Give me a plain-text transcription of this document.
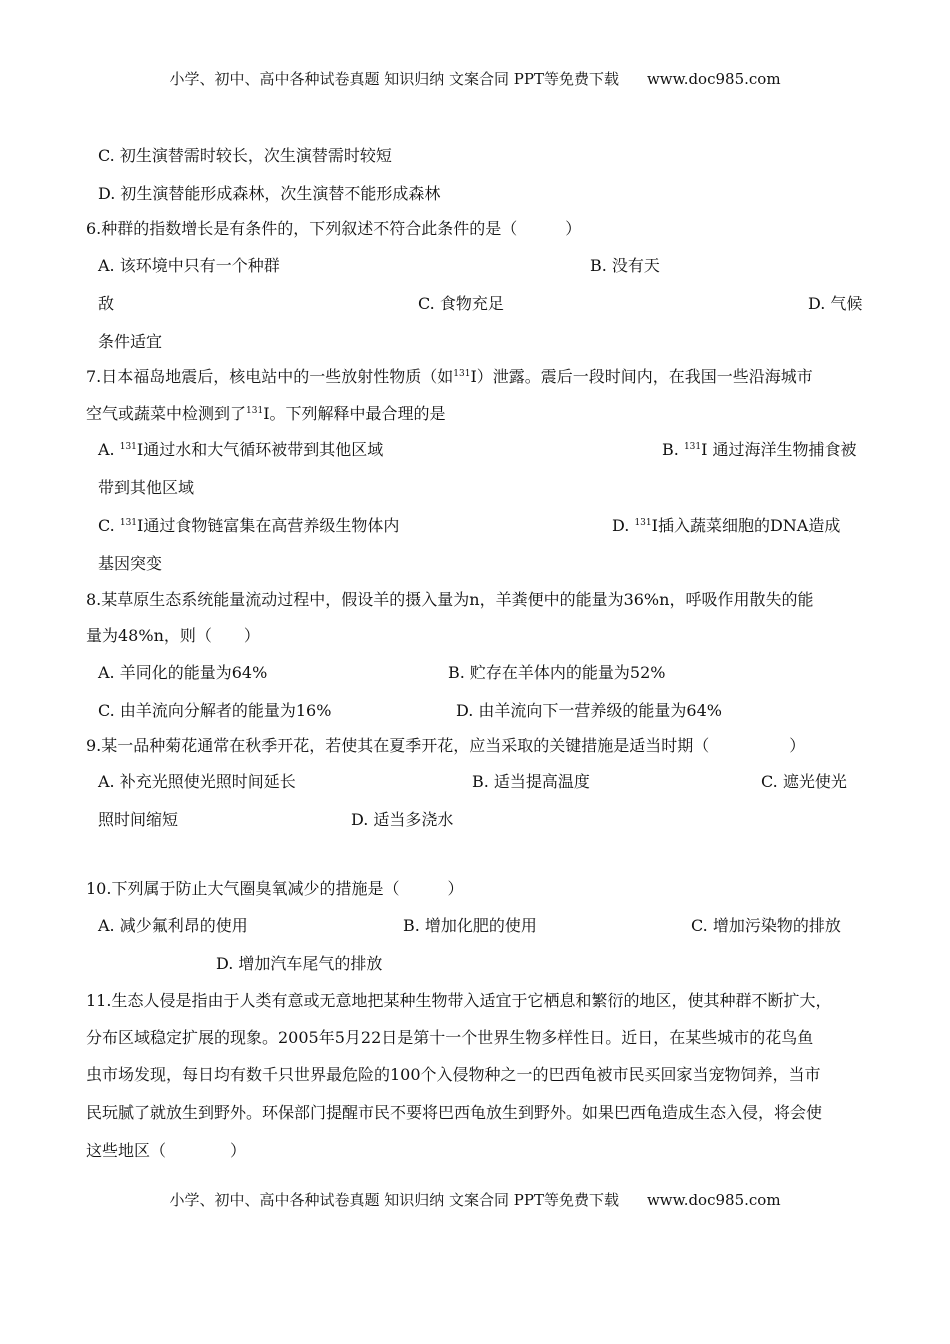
小学、初中、高中各种试卷真题 知识归纳 文案合同 PPT等免费下载 www.doc985.com
C. 初生演替需时较长，次生演替需时较短
D. 初生演替能形成森林，次生演替不能形成森林
6.种群的指数增长是有条件的，下列叙述不符合此条件的是（　　　）
A. 该环境中只有一个种群	B. 没有天
敌	C. 食物充足	D. 气候
条件适宜
7.日本福岛地震后，核电站中的一些放射性物质（如$^{131}$I）泄露。震后一段时间内，在我国一些沿海城市
空气或蔬菜中检测到了$^{131}$I。下列解释中最合理的是
A. $^{131}$I通过水和大气循环被带到其他区域	B. $^{131}$I 通过海洋生物捕食被
带到其他区域
C. $^{131}$I通过食物链富集在高营养级生物体内	D. $^{131}$I插入蔬菜细胞的DNA造成
基因突变
8.某草原生态系统能量流动过程中，假设羊的摄入量为n，羊粪便中的能量为36%n，呼吸作用散失的能
量为48%n，则（　　）
A. 羊同化的能量为64%	B. 贮存在羊体内的能量为52%
C. 由羊流向分解者的能量为16%	D. 由羊流向下一营养级的能量为64%
9.某一品种菊花通常在秋季开花，若使其在夏季开花，应当采取的关键措施是适当时期（　　　　　）
A. 补充光照使光照时间延长	B. 适当提高温度	C. 遮光使光
照时间缩短	D. 适当多浇水
10.下列属于防止大气圈臭氧减少的措施是（　　　）
A. 减少氟利昂的使用	B. 增加化肥的使用	C. 增加污染物的排放
D. 增加汽车尾气的排放
11.生态人侵是指由于人类有意或无意地把某种生物带入适宜于它栖息和繁衍的地区，使其种群不断扩大，
分布区域稳定扩展的现象。2005年5月22日是第十一个世界生物多样性日。近日，在某些城市的花鸟鱼
虫市场发现，每日均有数千只世界最危险的100个入侵物种之一的巴西龟被市民买回家当宠物饲养，当市
民玩腻了就放生到野外。环保部门提醒市民不要将巴西龟放生到野外。如果巴西龟造成生态入侵，将会使
这些地区（　　　　）
小学、初中、高中各种试卷真题 知识归纳 文案合同 PPT等免费下载 www.doc985.com
